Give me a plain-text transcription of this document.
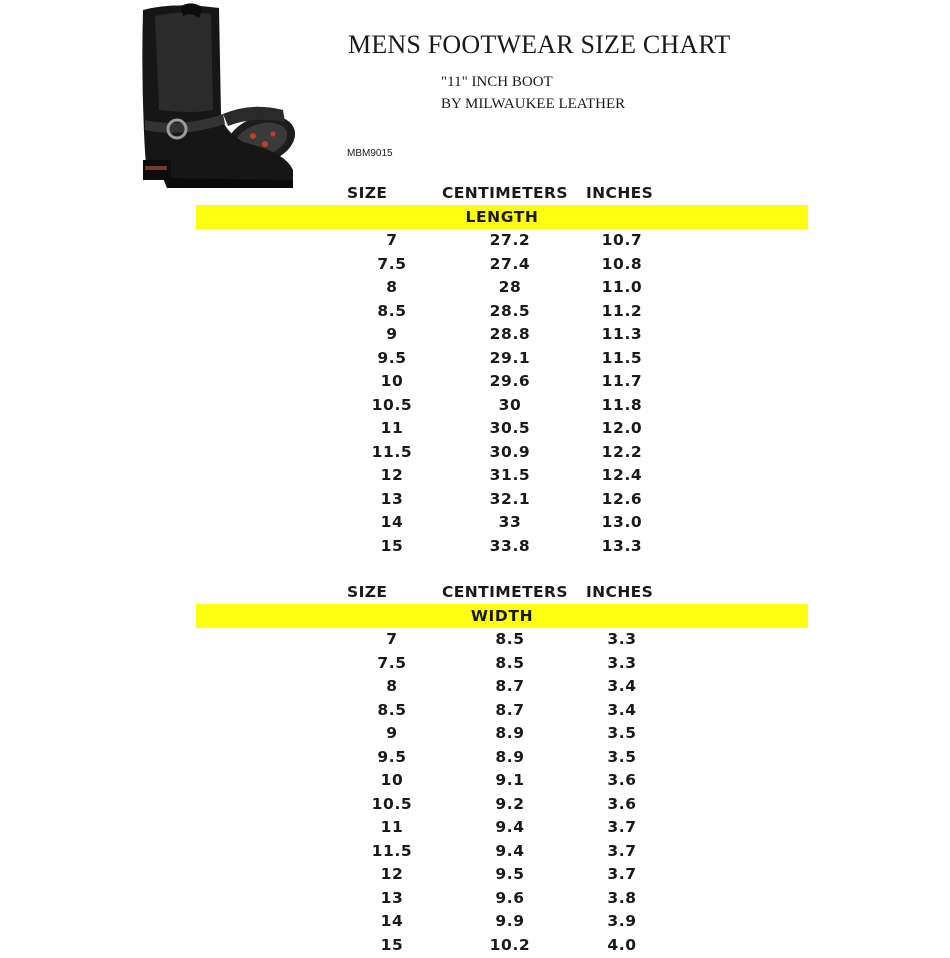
MENS FOOTWEAR SIZE CHART
"11" INCH BOOT
BY MILWAUKEE LEATHER
MBM9015
SIZE	CENTIMETERS INCHES
LENGTH
7	27.2	10.7
7.5	27.4	10.8
8	28	11.0
8.5	28.5	11.2
9	28.8	11.3
9.5	29.1	11.5
10	29.6	11.7
10.5	30	11.8
11	30.5	12.0
11.5	30.9	12.2
12	31.5	12.4
13	32.1	12.6
14	33	13.0
15	33.8	13.3
SIZE	CENTIMETERS INCHES
WIDTH
7	8.5	3.3
7.5	8.5	3.3
8	8.7	3.4
8.5	8.7	3.4
9	8.9	3.5
9.5	8.9	3.5
10	9.1	3.6
10.5	9.2	3.6
11	9.4	3.7
11.5	9.4	3.7
12	9.5	3.7
13	9.6	3.8
14	9.9	3.9
15	10.2	4.0
